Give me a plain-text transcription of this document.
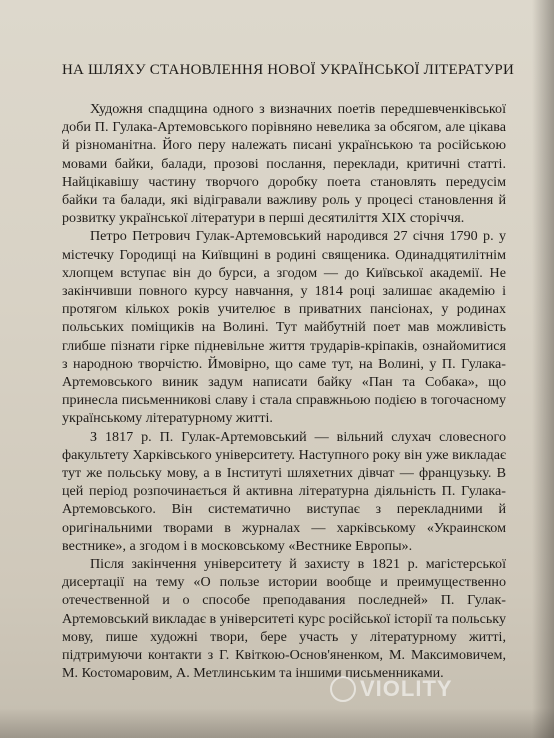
НА ШЛЯХУ СТАНОВЛЕННЯ НОВОЇ УКРАЇНСЬКОЇ ЛІТЕРАТУРИ

Художня спадщина одного з визначних поетів передшевченківської доби П. Гулака-Артемовського порівняно невелика за обсягом, але цікава й різноманітна. Його перу належать писані українською та російською мовами байки, балади, прозові послання, переклади, критичні статті. Найцікавішу частину творчого доробку поета становлять передусім байки та балади, які відігравали важливу роль у процесі становлення й розвитку української літератури в перші десятиліття XIX сторіччя.

Петро Петрович Гулак-Артемовський народився 27 січня 1790 р. у містечку Городищі на Київщині в родині священика. Одинадцятилітнім хлопцем вступає він до бурси, а згодом — до Київської академії. Не закінчивши повного курсу навчання, у 1814 році залишає академію і протягом кількох років учителює в приватних пансіонах, у родинах польських поміщиків на Волині. Тут майбутній поет мав можливість глибше пізнати гірке підневільне життя трударів-кріпаків, ознайомитися з народною творчістю. Ймовірно, що саме тут, на Волині, у П. Гулака-Артемовського виник задум написати байку «Пан та Собака», що принесла письменникові славу і стала справжньою подією в тогочасному українському літературному житті.

З 1817 р. П. Гулак-Артемовський — вільний слухач словесного факультету Харківського університету. Наступного року він уже викладає тут же польську мову, а в Інституті шляхетних дівчат — французьку. В цей період розпочинається й активна літературна діяльність П. Гулака-Артемовського. Він систематично виступає з перекладними й оригінальними творами в журналах — харківському «Украинском вестнике», а згодом і в московському «Вестнике Европы».

Після закінчення університету й захисту в 1821 р. магістерської дисертації на тему «О пользе истории вообще и преимущественно отечественной и о способе преподавания последней» П. Гулак-Артемовський викладає в університеті курс російської історії та польську мову, пише художні твори, бере участь у літературному житті, підтримуючи контакти з Г. Квіткою-Основ'яненком, М. Максимовичем, М. Костомаровим, А. Метлинським та іншими письменниками.

VIOLITY
